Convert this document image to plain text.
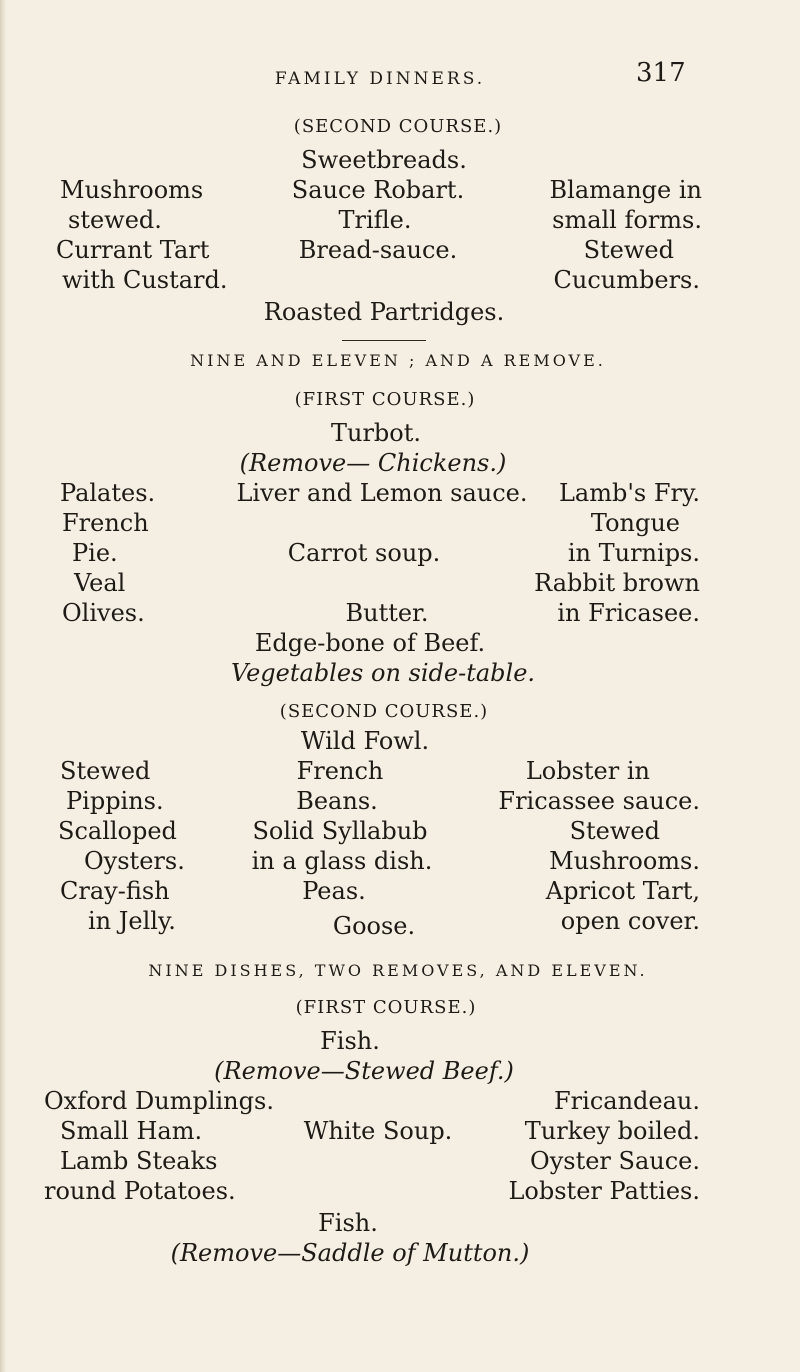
FAMILY DINNERS.	317
(SECOND COURSE.)
Sweetbreads.
Sauce Robart.
Trifle.
Bread-sauce.
Mushrooms
stewed.
Currant Tart
with Custard.
Blamange in
small forms.
Stewed
Cucumbers.
Roasted Partridges.
NINE AND ELEVEN ; AND A REMOVE.
(FIRST COURSE.)
Turbot.
(Remove— Chickens.)
Liver and Lemon sauce.
Carrot soup.
Butter.
Edge-bone of Beef.
Vegetables on side-table.
Palates.
French
Pie.
Veal
Olives.
Lamb's Fry.
Tongue
in Turnips.
Rabbit brown
in Fricasee.
(SECOND COURSE.)
Wild Fowl.
French
Beans.
Solid Syllabub
in a glass dish.
Peas.
Goose.
Stewed
Pippins.
Scalloped
Oysters.
Cray-fish
in Jelly.
Lobster in
Fricassee sauce.
Stewed
Mushrooms.
Apricot Tart,
open cover.
NINE DISHES, TWO REMOVES, AND ELEVEN.
(FIRST COURSE.)
Fish.
(Remove—Stewed Beef.)
Oxford Dumplings.
Small Ham.
Lamb Steaks
round Potatoes.
White Soup.
Fricandeau.
Turkey boiled.
Oyster Sauce.
Lobster Patties.
Fish.
(Remove—Saddle of Mutton.)
